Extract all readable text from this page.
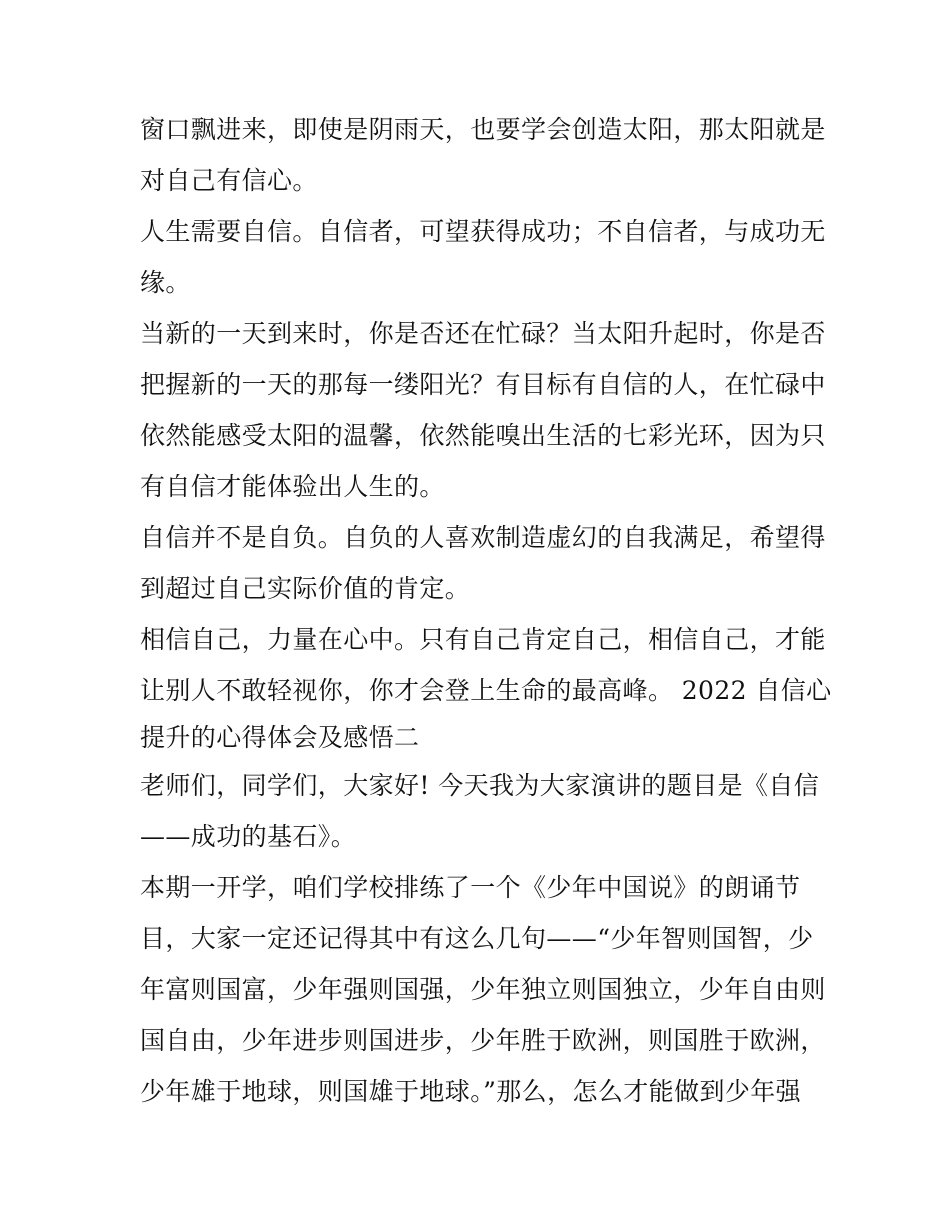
窗口飘进来，即使是阴雨天，也要学会创造太阳，那太阳就是
对自己有信心。
人生需要自信。自信者，可望获得成功；不自信者，与成功无
缘。
当新的一天到来时，你是否还在忙碌？当太阳升起时，你是否
把握新的一天的那每一缕阳光？有目标有自信的人，在忙碌中
依然能感受太阳的温馨，依然能嗅出生活的七彩光环，因为只
有自信才能体验出人生的。
自信并不是自负。自负的人喜欢制造虚幻的自我满足，希望得
到超过自己实际价值的肯定。
相信自己，力量在心中。只有自己肯定自己，相信自己，才能
让别人不敢轻视你，你才会登上生命的最高峰。 2022 自信心
提升的心得体会及感悟二
老师们，同学们，大家好! 今天我为大家演讲的题目是《自信
——成功的基石》。
本期一开学，咱们学校排练了一个《少年中国说》的朗诵节
目，大家一定还记得其中有这么几句——“少年智则国智，少
年富则国富，少年强则国强，少年独立则国独立，少年自由则
国自由，少年进步则国进步，少年胜于欧洲，则国胜于欧洲，
少年雄于地球，则国雄于地球。”那么，怎么才能做到少年强
